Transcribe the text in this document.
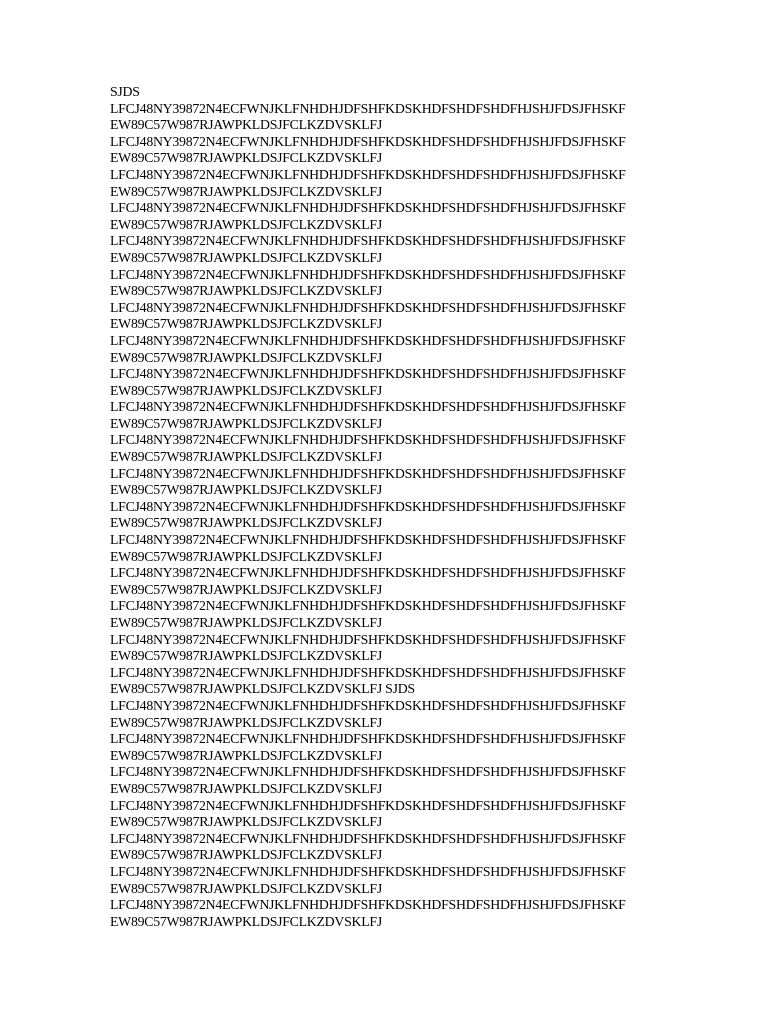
SJDS
LFCJ48NY39872N4ECFWNJKLFNHDHJDFSHFKDSKHDFSHDFSHDFHJSHJFDSJFHSKF
EW89C57W987RJAWPKLDSJFCLKZDVSKLFJ
LFCJ48NY39872N4ECFWNJKLFNHDHJDFSHFKDSKHDFSHDFSHDFHJSHJFDSJFHSKF
EW89C57W987RJAWPKLDSJFCLKZDVSKLFJ
LFCJ48NY39872N4ECFWNJKLFNHDHJDFSHFKDSKHDFSHDFSHDFHJSHJFDSJFHSKF
EW89C57W987RJAWPKLDSJFCLKZDVSKLFJ
LFCJ48NY39872N4ECFWNJKLFNHDHJDFSHFKDSKHDFSHDFSHDFHJSHJFDSJFHSKF
EW89C57W987RJAWPKLDSJFCLKZDVSKLFJ
LFCJ48NY39872N4ECFWNJKLFNHDHJDFSHFKDSKHDFSHDFSHDFHJSHJFDSJFHSKF
EW89C57W987RJAWPKLDSJFCLKZDVSKLFJ
LFCJ48NY39872N4ECFWNJKLFNHDHJDFSHFKDSKHDFSHDFSHDFHJSHJFDSJFHSKF
EW89C57W987RJAWPKLDSJFCLKZDVSKLFJ
LFCJ48NY39872N4ECFWNJKLFNHDHJDFSHFKDSKHDFSHDFSHDFHJSHJFDSJFHSKF
EW89C57W987RJAWPKLDSJFCLKZDVSKLFJ
LFCJ48NY39872N4ECFWNJKLFNHDHJDFSHFKDSKHDFSHDFSHDFHJSHJFDSJFHSKF
EW89C57W987RJAWPKLDSJFCLKZDVSKLFJ
LFCJ48NY39872N4ECFWNJKLFNHDHJDFSHFKDSKHDFSHDFSHDFHJSHJFDSJFHSKF
EW89C57W987RJAWPKLDSJFCLKZDVSKLFJ
LFCJ48NY39872N4ECFWNJKLFNHDHJDFSHFKDSKHDFSHDFSHDFHJSHJFDSJFHSKF
EW89C57W987RJAWPKLDSJFCLKZDVSKLFJ
LFCJ48NY39872N4ECFWNJKLFNHDHJDFSHFKDSKHDFSHDFSHDFHJSHJFDSJFHSKF
EW89C57W987RJAWPKLDSJFCLKZDVSKLFJ
LFCJ48NY39872N4ECFWNJKLFNHDHJDFSHFKDSKHDFSHDFSHDFHJSHJFDSJFHSKF
EW89C57W987RJAWPKLDSJFCLKZDVSKLFJ
LFCJ48NY39872N4ECFWNJKLFNHDHJDFSHFKDSKHDFSHDFSHDFHJSHJFDSJFHSKF
EW89C57W987RJAWPKLDSJFCLKZDVSKLFJ
LFCJ48NY39872N4ECFWNJKLFNHDHJDFSHFKDSKHDFSHDFSHDFHJSHJFDSJFHSKF
EW89C57W987RJAWPKLDSJFCLKZDVSKLFJ
LFCJ48NY39872N4ECFWNJKLFNHDHJDFSHFKDSKHDFSHDFSHDFHJSHJFDSJFHSKF
EW89C57W987RJAWPKLDSJFCLKZDVSKLFJ
LFCJ48NY39872N4ECFWNJKLFNHDHJDFSHFKDSKHDFSHDFSHDFHJSHJFDSJFHSKF
EW89C57W987RJAWPKLDSJFCLKZDVSKLFJ
LFCJ48NY39872N4ECFWNJKLFNHDHJDFSHFKDSKHDFSHDFSHDFHJSHJFDSJFHSKF
EW89C57W987RJAWPKLDSJFCLKZDVSKLFJ
LFCJ48NY39872N4ECFWNJKLFNHDHJDFSHFKDSKHDFSHDFSHDFHJSHJFDSJFHSKF
EW89C57W987RJAWPKLDSJFCLKZDVSKLFJ SJDS
LFCJ48NY39872N4ECFWNJKLFNHDHJDFSHFKDSKHDFSHDFSHDFHJSHJFDSJFHSKF
EW89C57W987RJAWPKLDSJFCLKZDVSKLFJ
LFCJ48NY39872N4ECFWNJKLFNHDHJDFSHFKDSKHDFSHDFSHDFHJSHJFDSJFHSKF
EW89C57W987RJAWPKLDSJFCLKZDVSKLFJ
LFCJ48NY39872N4ECFWNJKLFNHDHJDFSHFKDSKHDFSHDFSHDFHJSHJFDSJFHSKF
EW89C57W987RJAWPKLDSJFCLKZDVSKLFJ
LFCJ48NY39872N4ECFWNJKLFNHDHJDFSHFKDSKHDFSHDFSHDFHJSHJFDSJFHSKF
EW89C57W987RJAWPKLDSJFCLKZDVSKLFJ
LFCJ48NY39872N4ECFWNJKLFNHDHJDFSHFKDSKHDFSHDFSHDFHJSHJFDSJFHSKF
EW89C57W987RJAWPKLDSJFCLKZDVSKLFJ
LFCJ48NY39872N4ECFWNJKLFNHDHJDFSHFKDSKHDFSHDFSHDFHJSHJFDSJFHSKF
EW89C57W987RJAWPKLDSJFCLKZDVSKLFJ
LFCJ48NY39872N4ECFWNJKLFNHDHJDFSHFKDSKHDFSHDFSHDFHJSHJFDSJFHSKF
EW89C57W987RJAWPKLDSJFCLKZDVSKLFJ
